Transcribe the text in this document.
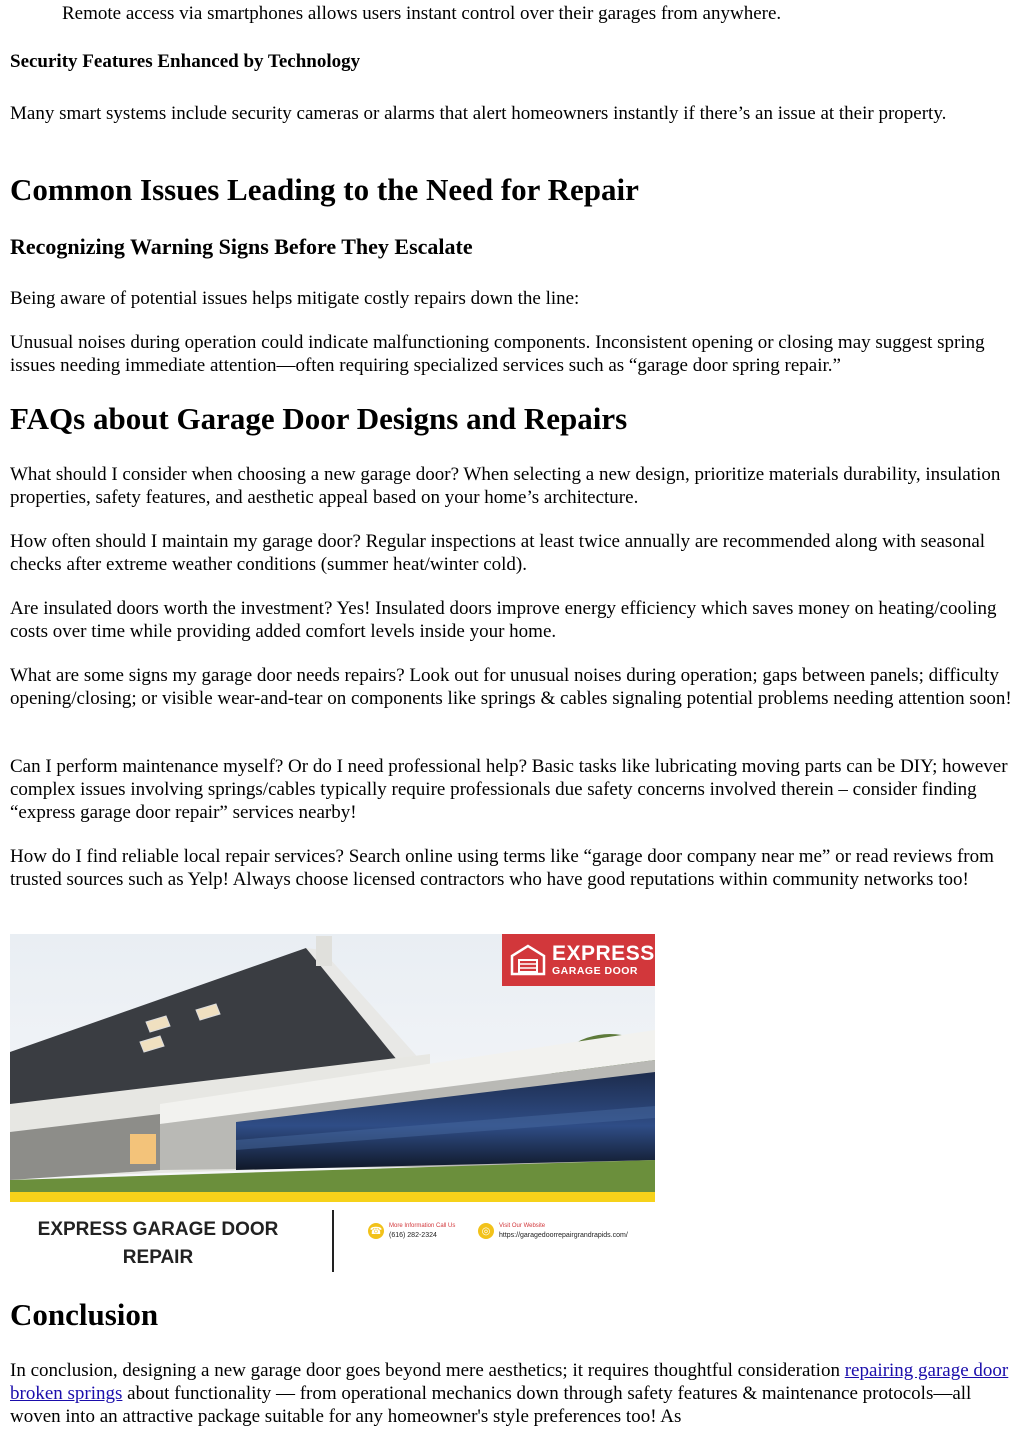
Remote access via smartphones allows users instant control over their garages from anywhere.
Security Features Enhanced by Technology

Many smart systems include security cameras or alarms that alert homeowners instantly if there’s an issue at their property.

Common Issues Leading to the Need for Repair
Recognizing Warning Signs Before They Escalate

Being aware of potential issues helps mitigate costly repairs down the line:

Unusual noises during operation could indicate malfunctioning components. Inconsistent opening or closing may suggest spring issues needing immediate attention—often requiring specialized services such as “garage door spring repair.”

FAQs about Garage Door Designs and Repairs

What should I consider when choosing a new garage door? When selecting a new design, prioritize materials durability, insulation properties, safety features, and aesthetic appeal based on your home’s architecture.

How often should I maintain my garage door? Regular inspections at least twice annually are recommended along with seasonal checks after extreme weather conditions (summer heat/winter cold).

Are insulated doors worth the investment? Yes! Insulated doors improve energy efficiency which saves money on heating/cooling costs over time while providing added comfort levels inside your home.

What are some signs my garage door needs repairs? Look out for unusual noises during operation; gaps between panels; difficulty opening/closing; or visible wear-and-tear on components like springs & cables signaling potential problems needing attention soon!

Can I perform maintenance myself? Or do I need professional help? Basic tasks like lubricating moving parts can be DIY; however complex issues involving springs/cables typically require professionals due safety concerns involved therein – consider finding “express garage door repair” services nearby!

How do I find reliable local repair services? Search online using terms like “garage door company near me” or read reviews from trusted sources such as Yelp! Always choose licensed contractors who have good reputations within community networks too!

EXPRESS
GARAGE DOOR
EXPRESS GARAGE DOOR
REPAIR
☎ More Information Call Us
(616) 282-2324	◎	Visit Our Website
https://garagedoorrepairgrandrapids.com/
Conclusion

In conclusion, designing a new garage door goes beyond mere aesthetics; it requires thoughtful consideration repairing garage door broken springs about functionality — from operational mechanics down through safety features & maintenance protocols—all woven into an attractive package suitable for any homeowner's style preferences too! As
